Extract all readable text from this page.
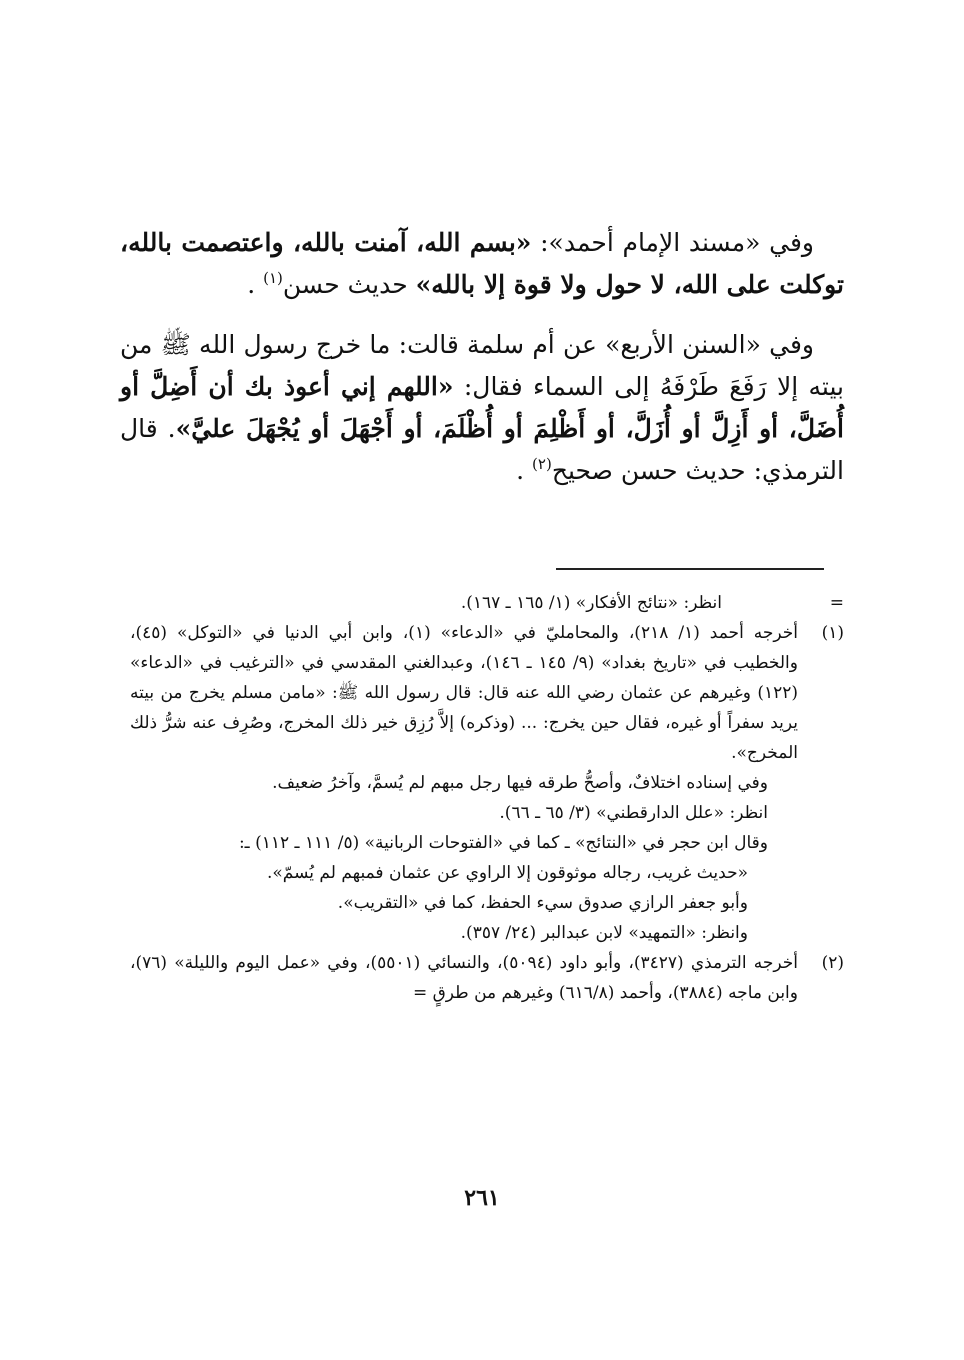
وفي «مسند الإمام أحمد»: «بسم الله، آمنت بالله، واعتصمت بالله، توكلت على الله، لا حول ولا قوة إلا بالله» حديث حسن$^{(١)}$ .

وفي «السنن الأربع» عن أم سلمة قالت: ما خرج رسول الله ﷺ من بيته إلا رَفَعَ طَرْفَهُ إلى السماء فقال: «اللهم إني أعوذ بك أن أَضِلَّ أو أُضَلَّ، أو أَزِلَّ أو أُزَلَّ، أو أَظْلِمَ أو أُظْلَمَ، أو أَجْهَلَ أو يُجْهَلَ عليَّ». قال الترمذي: حديث حسن صحيح$^{(٢)}$ .

=
انظر: «نتائج الأفكار» (١/ ١٦٥ ـ ١٦٧).
(١)
أخرجه أحمد (١/ ٢١٨)، والمحامليّ في «الدعاء» (١)، وابن أبي الدنيا في «التوكل» (٤٥)، والخطيب في «تاريخ بغداد» (٩/ ١٤٥ ـ ١٤٦)، وعبدالغني المقدسي في «الترغيب في «الدعاء» (١٢٢) وغيرهم عن عثمان رضي الله عنه قال: قال رسول الله ﷺ: «مامن مسلم يخرج من بيته يريد سفراً أو غيره، فقال حين يخرج: ... (وذكره) إلاَّ رُزِق خير ذلك المخرج، وصُرِف عنه شرُّ ذلك المخرج».
وفي إسناده اختلافٌ، وأصحُّ طرقه فيها رجل مبهم لم يُسمَّ، وآخرُ ضعيف.
انظر: «علل الدارقطني» (٣/ ٦٥ ـ ٦٦).
وقال ابن حجر في «النتائج» ـ كما في «الفتوحات الربانية» (٥/ ١١١ ـ ١١٢) ـ:
«حديث غريب، رجاله موثوقون إلا الراوي عن عثمان فمبهم لم يُسمّ».
وأبو جعفر الرازي صدوق سيء الحفظ، كما في «التقريب».
وانظر: «التمهيد» لابن عبدالبر (٢٤/ ٣٥٧).
(٢)
أخرجه الترمذي (٣٤٢٧)، وأبو داود (٥٠٩٤)، والنسائي (٥٥٠١)، وفي «عمل اليوم والليلة» (٧٦)، وابن ماجه (٣٨٨٤)، وأحمد (٦١٦/٨) وغيرهم من طرقٍ =
٢٦١
